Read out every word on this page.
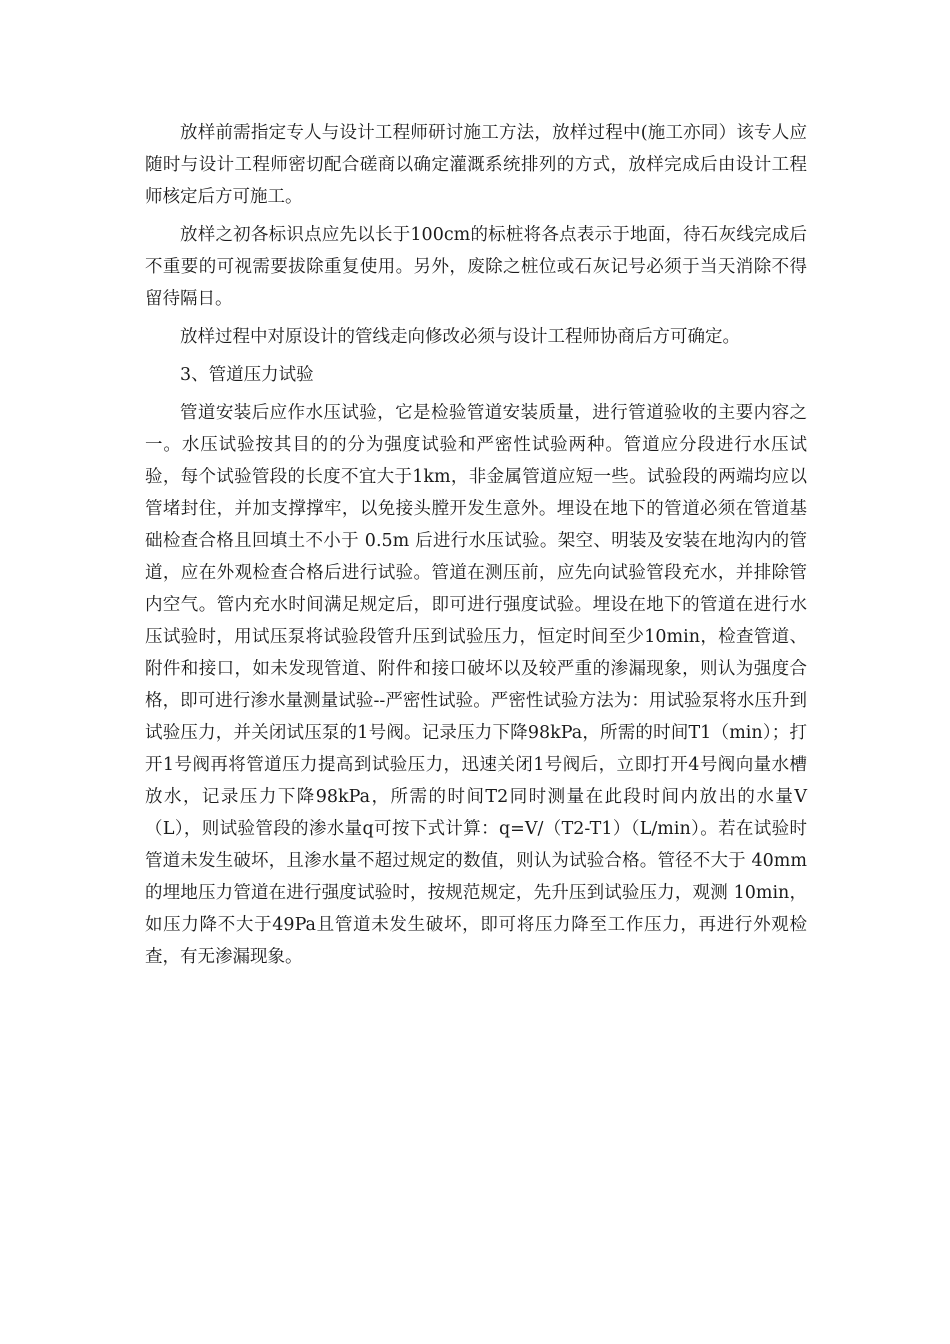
放样前需指定专人与设计工程师研讨施工方法，放样过程中(施工亦同）该专人应随时与设计工程师密切配合磋商以确定灌溉系统排列的方式，放样完成后由设计工程师核定后方可施工。

放样之初各标识点应先以长于100cm的标桩将各点表示于地面，待石灰线完成后不重要的可视需要拔除重复使用。另外，废除之桩位或石灰记号必须于当天消除不得留待隔日。

放样过程中对原设计的管线走向修改必须与设计工程师协商后方可确定。

3、管道压力试验

管道安装后应作水压试验，它是检验管道安装质量，进行管道验收的主要内容之一。水压试验按其目的的分为强度试验和严密性试验两种。管道应分段进行水压试验，每个试验管段的长度不宜大于1km，非金属管道应短一些。试验段的两端均应以管堵封住，并加支撑撑牢，以免接头膛开发生意外。埋设在地下的管道必须在管道基础检查合格且回填土不小于 0.5m 后进行水压试验。架空、明装及安装在地沟内的管道，应在外观检查合格后进行试验。管道在测压前，应先向试验管段充水，并排除管内空气。管内充水时间满足规定后，即可进行强度试验。埋设在地下的管道在进行水压试验时，用试压泵将试验段管升压到试验压力，恒定时间至少10min，检查管道、附件和接口，如未发现管道、附件和接口破坏以及较严重的渗漏现象，则认为强度合格，即可进行渗水量测量试验--严密性试验。严密性试验方法为：用试验泵将水压升到试验压力，并关闭试压泵的1号阀。记录压力下降98kPa，所需的时间T1（min）；打开1号阀再将管道压力提高到试验压力，迅速关闭1号阀后，立即打开4号阀向量水槽放水，记录压力下降98kPa，所需的时间T2同时测量在此段时间内放出的水量V（L），则试验管段的渗水量q可按下式计算：q=V/（T2-T1）（L/min）。若在试验时管道未发生破坏，且渗水量不超过规定的数值，则认为试验合格。管径不大于 40mm 的埋地压力管道在进行强度试验时，按规范规定，先升压到试验压力，观测 10min，如压力降不大于49Pa且管道未发生破坏，即可将压力降至工作压力，再进行外观检查，有无渗漏现象。
